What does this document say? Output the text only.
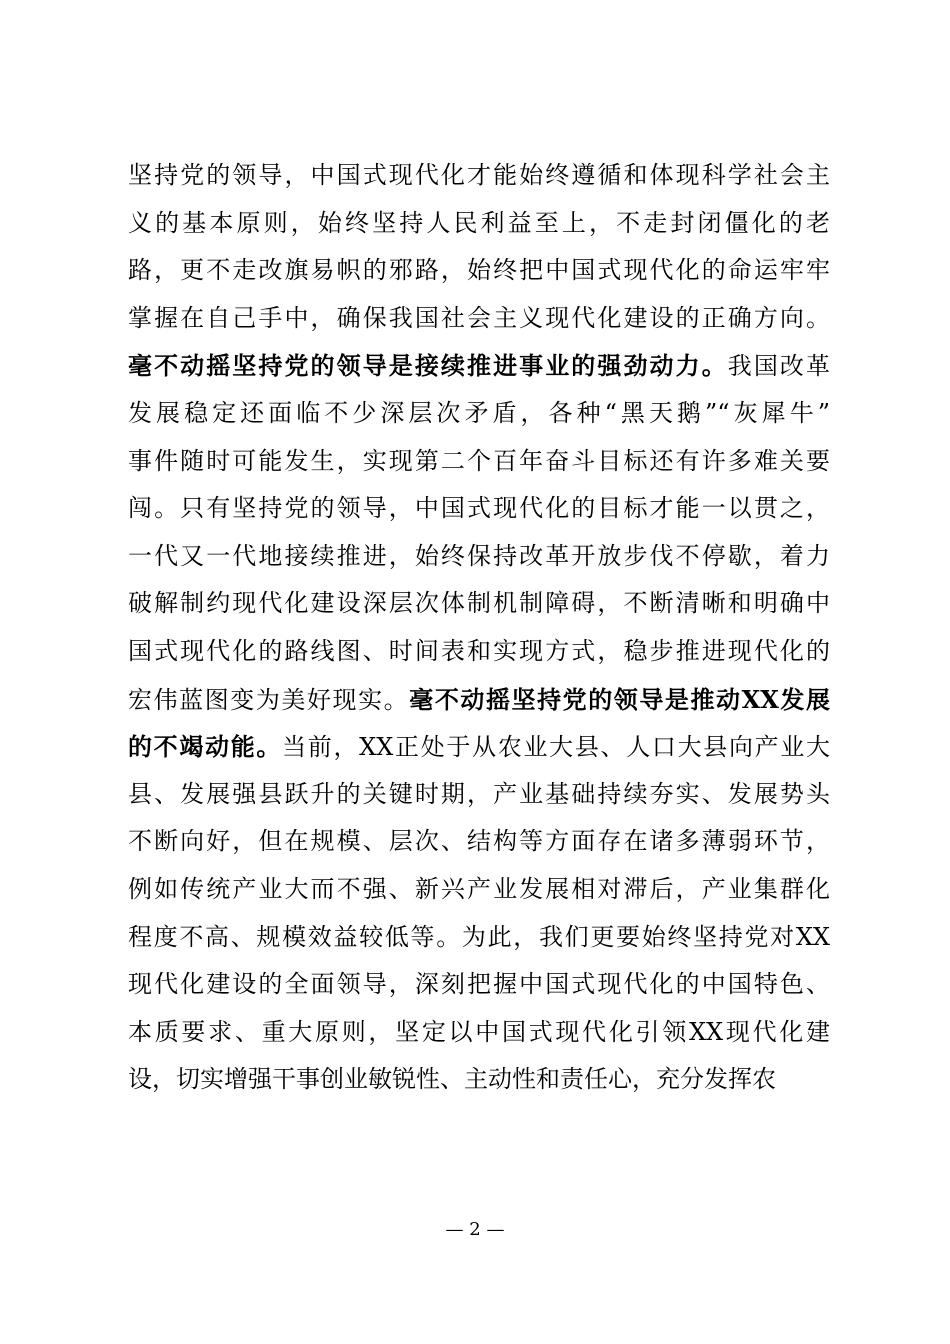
坚持党的领导，中国式现代化才能始终遵循和体现科学社会主
义的基本原则，始终坚持人民利益至上，不走封闭僵化的老
路，更不走改旗易帜的邪路，始终把中国式现代化的命运牢牢
掌握在自己手中，确保我国社会主义现代化建设的正确方向。
毫不动摇坚持党的领导是接续推进事业的强劲动力。我国改革
发展稳定还面临不少深层次矛盾，各种“黑天鹅”“灰犀牛”
事件随时可能发生，实现第二个百年奋斗目标还有许多难关要
闯。只有坚持党的领导，中国式现代化的目标才能一以贯之，
一代又一代地接续推进，始终保持改革开放步伐不停歇，着力
破解制约现代化建设深层次体制机制障碍，不断清晰和明确中
国式现代化的路线图、时间表和实现方式，稳步推进现代化的
宏伟蓝图变为美好现实。毫不动摇坚持党的领导是推动XX发展
的不竭动能。当前，XX正处于从农业大县、人口大县向产业大
县、发展强县跃升的关键时期，产业基础持续夯实、发展势头
不断向好，但在规模、层次、结构等方面存在诸多薄弱环节，
例如传统产业大而不强、新兴产业发展相对滞后，产业集群化
程度不高、规模效益较低等。为此，我们更要始终坚持党对XX
现代化建设的全面领导，深刻把握中国式现代化的中国特色、
本质要求、重大原则，坚定以中国式现代化引领XX现代化建
设，切实增强干事创业敏锐性、主动性和责任心，充分发挥农
— 2 —
